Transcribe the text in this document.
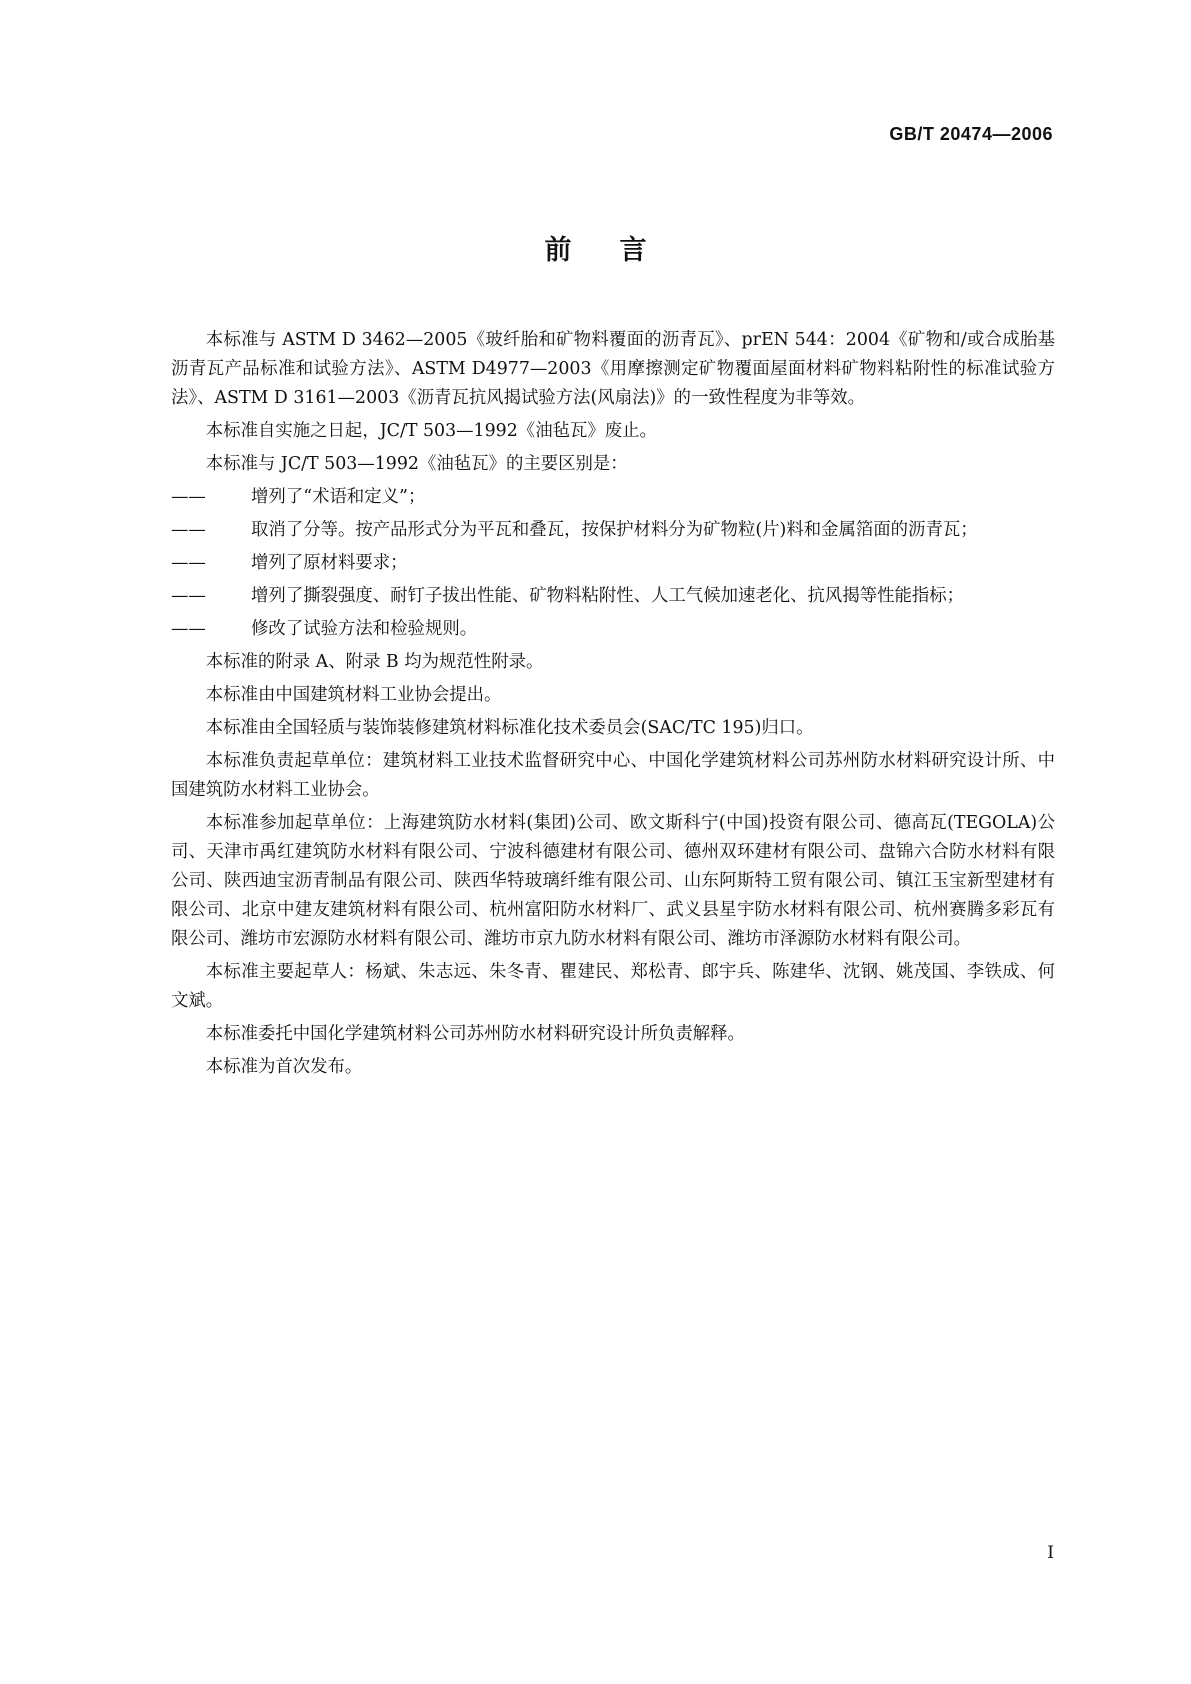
GB/T 20474—2006
前言

本标准与 ASTM D 3462—2005《玻纤胎和矿物料覆面的沥青瓦》、prEN 544：2004《矿物和/或合成胎基沥青瓦产品标准和试验方法》、ASTM D4977—2003《用摩擦测定矿物覆面屋面材料矿物料粘附性的标准试验方法》、ASTM D 3161—2003《沥青瓦抗风揭试验方法(风扇法)》的一致性程度为非等效。

本标准自实施之日起，JC/T 503—1992《油毡瓦》废止。

本标准与 JC/T 503—1992《油毡瓦》的主要区别是：

——	增列了“术语和定义”；
——	取消了分等。按产品形式分为平瓦和叠瓦，按保护材料分为矿物粒(片)料和金属箔面的沥青瓦；
——	增列了原材料要求；
——	增列了撕裂强度、耐钉子拔出性能、矿物料粘附性、人工气候加速老化、抗风揭等性能指标；
——	修改了试验方法和检验规则。

本标准的附录 A、附录 B 均为规范性附录。

本标准由中国建筑材料工业协会提出。

本标准由全国轻质与装饰装修建筑材料标准化技术委员会(SAC/TC 195)归口。

本标准负责起草单位：建筑材料工业技术监督研究中心、中国化学建筑材料公司苏州防水材料研究设计所、中国建筑防水材料工业协会。

本标准参加起草单位：上海建筑防水材料(集团)公司、欧文斯科宁(中国)投资有限公司、德高瓦(TEGOLA)公司、天津市禹红建筑防水材料有限公司、宁波科德建材有限公司、德州双环建材有限公司、盘锦六合防水材料有限公司、陕西迪宝沥青制品有限公司、陕西华特玻璃纤维有限公司、山东阿斯特工贸有限公司、镇江玉宝新型建材有限公司、北京中建友建筑材料有限公司、杭州富阳防水材料厂、武义县星宇防水材料有限公司、杭州赛腾多彩瓦有限公司、潍坊市宏源防水材料有限公司、潍坊市京九防水材料有限公司、潍坊市泽源防水材料有限公司。

本标准主要起草人：杨斌、朱志远、朱冬青、瞿建民、郑松青、郎宇兵、陈建华、沈钢、姚茂国、李铁成、何文斌。

本标准委托中国化学建筑材料公司苏州防水材料研究设计所负责解释。

本标准为首次发布。

I
